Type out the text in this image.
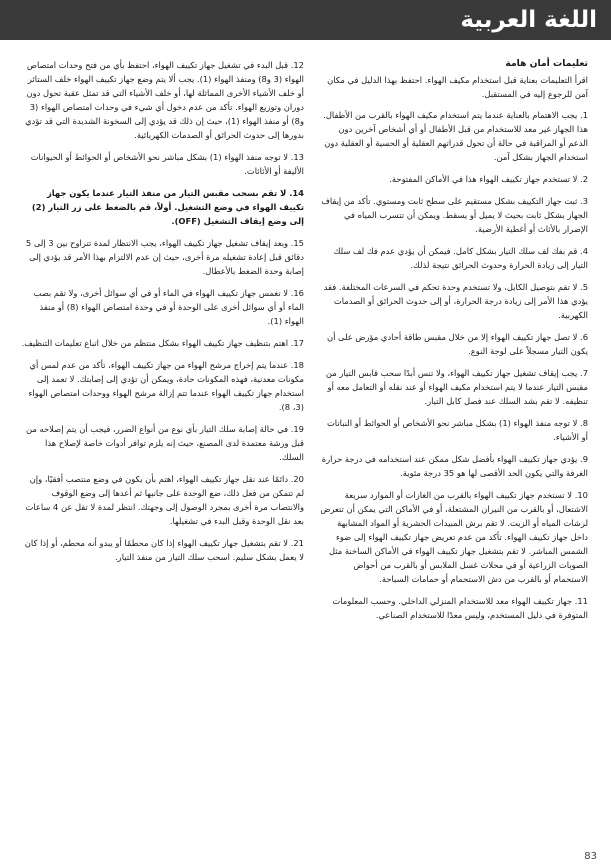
اللغة العربية
تعليمات أمان هامة

اقرأ التعليمات بعناية قبل استخدام مكيف الهواء. احتفظ بهذا الدليل في مكان آمن للرجوع إليه في المستقبل.

1. يجب الاهتمام بالعناية عندما يتم استخدام مكيف الهواء بالقرب من الأطفال. هذا الجهاز غير معد للاستخدام من قبل الأطفال أو أي أشخاص آخرين دون الدعم أو المراقبة في حالة أن تحول قدراتهم العقلية أو الحسية أو العقلية دون استخدام الجهاز بشكل آمن.

2. لا تستخدم جهاز تكييف الهواء هذا في الأماكن المفتوحة.

3. ثبت جهاز التكييف بشكل مستقيم على سطح ثابت ومستوي. تأكد من إيقاف الجهاز بشكل ثابت بحيث لا يميل أو يسقط. ويمكن أن تتسرب المياه في الإضرار بالأثاث أو أغطية الأرضية.

4. قم بفك لف سلك التيار بشكل كامل. فيمكن أن يؤدي عدم فك لف سلك التيار إلى زيادة الحرارة وحدوث الحرائق نتيجة لذلك.

5. لا تقم بتوصيل الكابل، ولا تستخدم وحدة تحكم في السرعات المختلفة. فقد يؤدي هذا الأمر إلى زيادة درجة الحرارة، أو إلى حدوث الحرائق أو الصدمات الكهربية.

6. لا تصل جهاز تكييف الهواء إلا من خلال مقبس طاقة أحادي مؤرض على أن يكون التيار مسجلاً على لوحة النوع.

7. يجب إيقاف تشغيل جهاز تكييف الهواء، ولا تنس أبدًا سحب قابس التيار من مقبس التيار عندما لا يتم استخدام مكيف الهواء أو عند نقله أو التعامل معه أو تنظيفه. لا تقم بشد السلك عند فصل كابل التيار.

8. لا توجه منفذ الهواء (1) بشكل مباشر نحو الأشخاص أو الحوائط أو النباتات أو الأشياء.

9. يؤدي جهاز تكييف الهواء بأفضل شكل ممكن عند استخدامه في درجة حرارة الغرفة والتي يكون الحد الأقصى لها هو 35 درجة مئوية.

10. لا تستخدم جهاز تكييف الهواء بالقرب من الغازات أو الموارد سريعة الاشتعال، أو بالقرب من النيران المشتعلة، أو في الأماكن التي يمكن أن تتعرض لرشات المياه أو الزيت. لا تقم برش المبيدات الحشرية أو المواد المشابهة داخل جهاز تكييف الهواء. تأكد من عدم تعريض جهاز تكييف الهواء إلى ضوء الشمس المباشر. لا تقم بتشغيل جهاز تكييف الهواء في الأماكن الساخنة مثل الصوبات الزراعية أو في محلات غسل الملابس أو بالقرب من أحواض الاستحمام أو بالقرب من دش الاستحمام أو حمامات السباحة.

11. جهاز تكييف الهواء معد للاستخدام المنزلي الداخلي. وحسب المعلومات المتوفرة في دليل المستخدم، وليس معدًا للاستخدام الصناعي.

12. قبل البدء في تشغيل جهاز تكييف الهواء، احتفظ بأي من فتح وحدات امتصاص الهواء (3 و8) ومنفذ الهواء (1). يجب ألا يتم وضع جهاز تكييف الهواء خلف الستائر أو خلف الأشياء الأخرى المماثلة لها، أو خلف الأشياء التي قد تمثل عقبة تحول دون دوران وتوزيع الهواء. تأكد من عدم دخول أي شيء في وحدات امتصاص الهواء (3 و8) أو منفذ الهواء (1)، حيث إن ذلك قد يؤدي إلى السخونة الشديدة التي قد تؤدي بدورها إلى حدوث الحرائق أو الصدمات الكهربائية.

13. لا توجه منفذ الهواء (1) بشكل مباشر نحو الأشخاص أو الحوائط أو الحيوانات الأليفة أو الأثاثات.

14. لا تقم بسحب مقبس التيار من منفذ التيار عندما يكون جهاز تكييف الهواء في وضع التشغيل. أولاً، قم بالضغط على زر التيار (2) إلى وضع إيقاف التشغيل (OFF).

15. وبعد إيقاف تشغيل جهاز تكييف الهواء، يجب الانتظار لمدة تتراوح بين 3 إلى 5 دقائق قبل إعادة تشغيله مرة أخرى، حيث إن عدم الالتزام بهذا الأمر قد يؤدي إلى إصابة وحدة الضغط بالأعطال.

16. لا تغمس جهاز تكييف الهواء في الماء أو في أي سوائل أخرى، ولا تقم بصب الماء أو أي سوائل أخرى على الوحدة أو في وحدة امتصاص الهواء (8) أو منفذ الهواء (1).

17. اهتم بتنظيف جهاز تكييف الهواء بشكل منتظم من خلال اتباع تعليمات التنظيف.

18. عندما يتم إخراج مرشح الهواء من جهاز تكييف الهواء، تأكد من عدم لمس أي مكونات معدنية، فهذه المكونات حادة، ويمكن أن تؤدي إلى إصابتك. لا تعمد إلى استخدام جهاز تكييف الهواء عندما تتم إزالة مرشح الهواء ووحدات امتصاص الهواء (3، 8).

19. في حالة إصابة سلك التيار بأي نوع من أنواع الضرر، فيجب أن يتم إصلاحه من قبل ورشة معتمدة لدى المصنع، حيث إنه يلزم توافر أدوات خاصة لإصلاح هذا السلك.

20. دائمًا عند نقل جهاز تكييف الهواء، اهتم بأن يكون في وضع منتصب أفقيًا، وإن لم تتمكن من فعل ذلك، ضع الوحدة على جانبها ثم أعدها إلى وضع الوقوف والانتصاب مرة أخرى بمجرد الوصول إلى وجهتك. انتظر لمدة لا تقل عن 4 ساعات بعد نقل الوحدة وقبل البدء في تشغيلها.

21. لا تقم بتشغيل جهاز تكييف الهواء إذا كان محطمًا أو يبدو أنه محطم، أو إذا كان لا يعمل بشكل سليم. اسحب سلك التيار من منفذ التيار.

83
